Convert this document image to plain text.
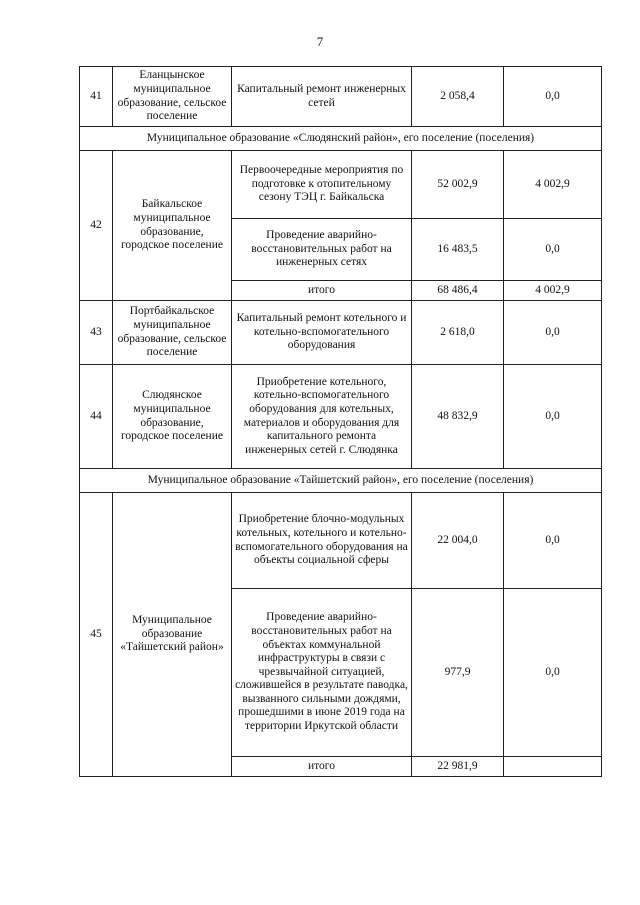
7
41	Еланцынское муниципальное образование, сельское поселение	Капитальный ремонт инженерных сетей	2 058,4	0,0
Муниципальное образование «Слюдянский район», его поселение (поселения)				
42	Байкальское муниципальное образование, городское поселение	Первоочередные мероприятия по подготовке к отопительному сезону ТЭЦ г. Байкальска	52 002,9	4 002,9
		Проведение аварийно-восстановительных работ на инженерных сетях	16 483,5	0,0
		итого	68 486,4	4 002,9
43	Портбайкальское муниципальное образование, сельское поселение	Капитальный ремонт котельного и котельно-вспомогательного оборудования	2 618,0	0,0
44	Слюдянское муниципальное образование, городское поселение	Приобретение котельного, котельно-вспомогательного оборудования для котельных, материалов и оборудования для капитального ремонта инженерных сетей г. Слюдянка	48 832,9	0,0
Муниципальное образование «Тайшетский район», его поселение (поселения)				
45	Муниципальное образование «Тайшетский район»	Приобретение блочно-модульных котельных, котельного и котельно-вспомогательного оборудования на объекты социальной сферы	22 004,0	0,0
		Проведение аварийно-восстановительных работ на объектах коммунальной инфраструктуры в связи с чрезвычайной ситуацией, сложившейся в результате паводка, вызванного сильными дождями, прошедшими в июне 2019 года на территории Иркутской области	977,9	0,0
		итого	22 981,9	
